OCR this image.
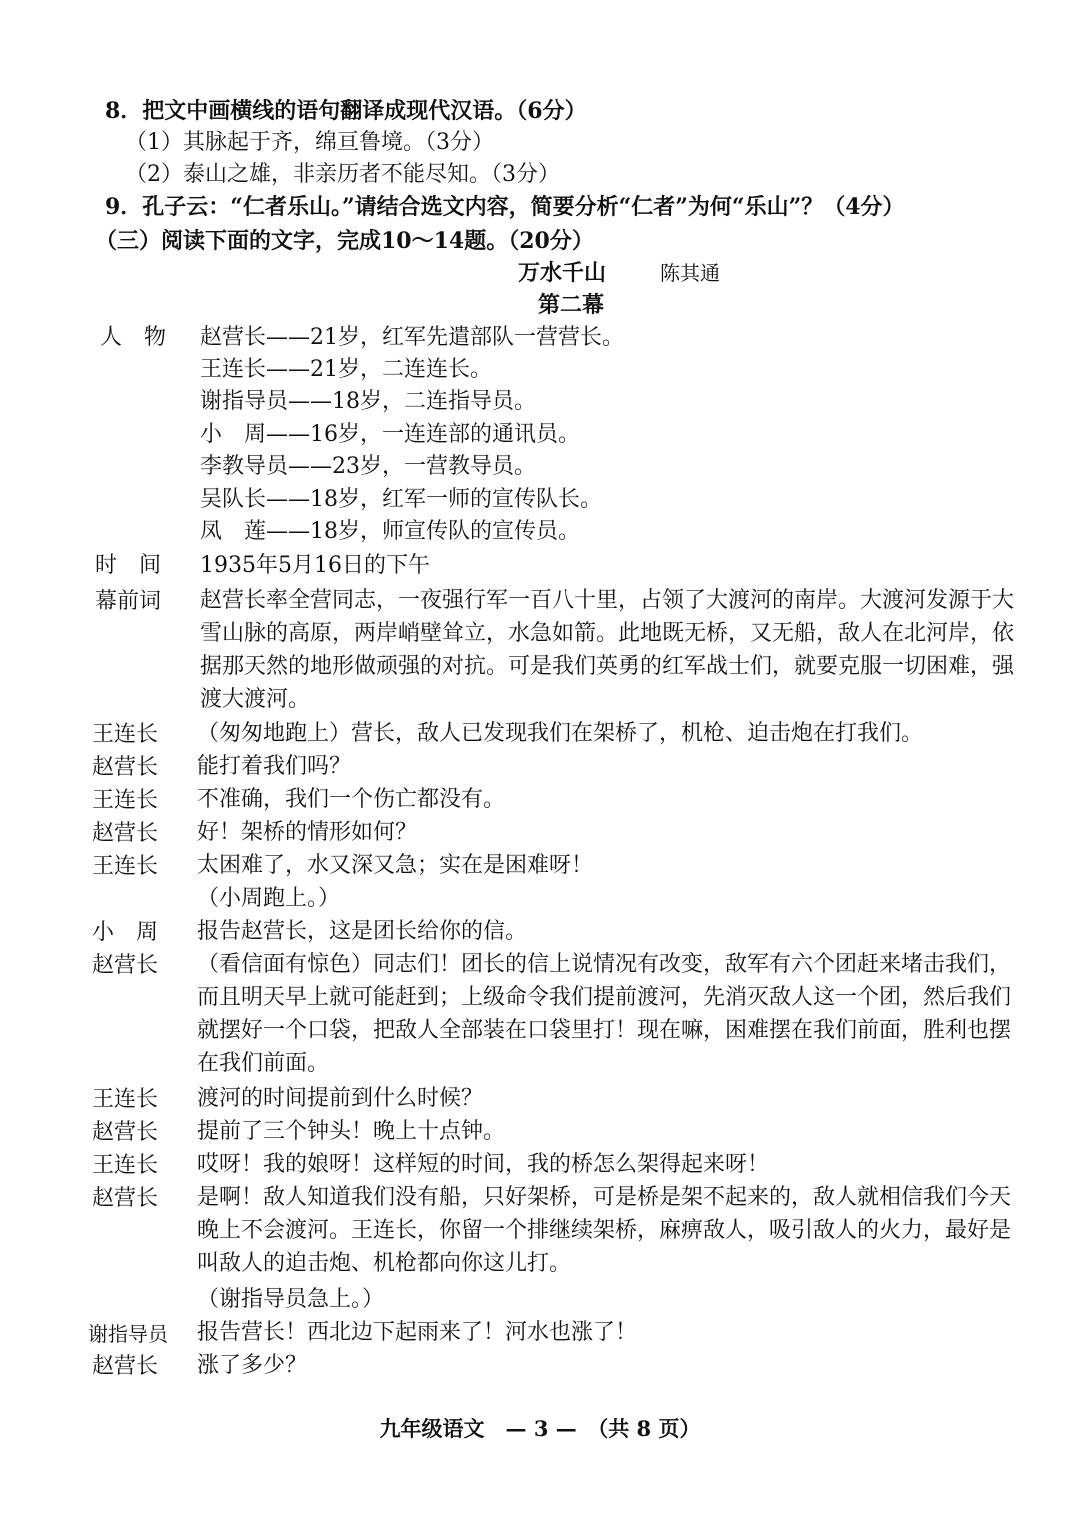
8．把文中画横线的语句翻译成现代汉语。（6分）
（1）其脉起于齐，绵亘鲁境。（3分）
（2）泰山之雄，非亲历者不能尽知。（3分）
9．孔子云：“仁者乐山。”请结合选文内容，简要分析“仁者”为何“乐山”？（4分）
（三）阅读下面的文字，完成10～14题。（20分）
万水千山	陈其通
第二幕
人　物 赵营长——21岁，红军先遣部队一营营长。
王连长——21岁，二连连长。
谢指导员——18岁，二连指导员。
小　周——16岁，一连连部的通讯员。
李教导员——23岁，一营教导员。
吴队长——18岁，红军一师的宣传队长。
凤　莲——18岁，师宣传队的宣传员。
时　间 1935年5月16日的下午
幕前词 赵营长率全营同志，一夜强行军一百八十里，占领了大渡河的南岸。大渡河发源于大雪山脉的高原，两岸峭壁耸立，水急如箭。此地既无桥，又无船，敌人在北河岸，依据那天然的地形做顽强的对抗。可是我们英勇的红军战士们，就要克服一切困难，强渡大渡河。
王连长 （匆匆地跑上）营长，敌人已发现我们在架桥了，机枪、迫击炮在打我们。
赵营长 能打着我们吗？
王连长 不准确，我们一个伤亡都没有。
赵营长 好！架桥的情形如何？
王连长 太困难了，水又深又急；实在是困难呀！
（小周跑上。）
小　周 报告赵营长，这是团长给你的信。
赵营长 （看信面有惊色）同志们！团长的信上说情况有改变，敌军有六个团赶来堵击我们，而且明天早上就可能赶到；上级命令我们提前渡河，先消灭敌人这一个团，然后我们就摆好一个口袋，把敌人全部装在口袋里打！现在嘛，困难摆在我们前面，胜利也摆在我们前面。
王连长 渡河的时间提前到什么时候？
赵营长 提前了三个钟头！晚上十点钟。
王连长 哎呀！我的娘呀！这样短的时间，我的桥怎么架得起来呀！
赵营长 是啊！敌人知道我们没有船，只好架桥，可是桥是架不起来的，敌人就相信我们今天晚上不会渡河。王连长，你留一个排继续架桥，麻痹敌人，吸引敌人的火力，最好是叫敌人的迫击炮、机枪都向你这儿打。
（谢指导员急上。）
谢指导员 报告营长！西北边下起雨来了！河水也涨了！
赵营长 涨了多少？
九年级语文　— 3 —　（共 8 页）
